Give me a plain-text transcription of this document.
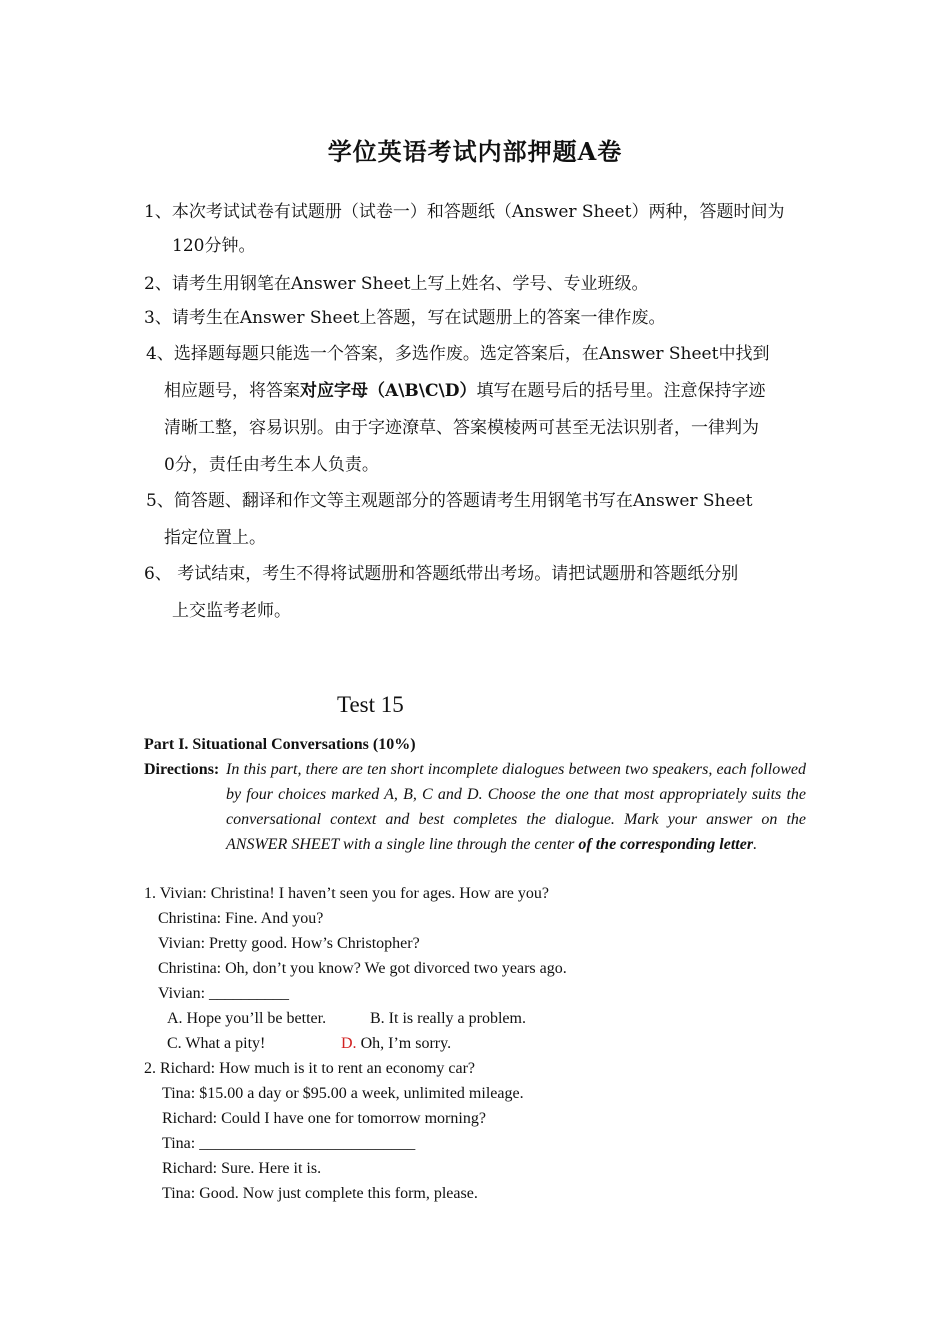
学位英语考试内部押题A卷
1、本次考试试卷有试题册（试卷一）和答题纸（Answer Sheet）两种，答题时间为
120分钟。
2、请考生用钢笔在Answer Sheet上写上姓名、学号、专业班级。
3、请考生在Answer Sheet上答题，写在试题册上的答案一律作废。
4、选择题每题只能选一个答案，多选作废。选定答案后，在Answer Sheet中找到
相应题号，将答案对应字母（A\B\C\D）填写在题号后的括号里。注意保持字迹
清晰工整，容易识别。由于字迹潦草、答案模棱两可甚至无法识别者，一律判为
0分，责任由考生本人负责。
5、简答题、翻译和作文等主观题部分的答题请考生用钢笔书写在Answer Sheet
指定位置上。
6、 考试结束，考生不得将试题册和答题纸带出考场。请把试题册和答题纸分别
上交监考老师。
Test 15
Part I. Situational Conversations (10%)
Directions: In this part, there are ten short incomplete dialogues between two speakers, each followed by four choices marked A, B, C and D. Choose the one that most appropriately suits the conversational context and best completes the dialogue. Mark your answer on the ANSWER SHEET with a single line through the center of the corresponding letter.
1. Vivian: Christina! I haven’t seen you for ages. How are you?
Christina: Fine. And you?
Vivian: Pretty good. How’s Christopher?
Christina: Oh, don’t you know? We got divorced two years ago.
Vivian: __________
A. Hope you’ll be better.	B. It is really a problem.
C. What a pity!	D. Oh, I’m sorry.
2. Richard: How much is it to rent an economy car?
Tina: $15.00 a day or $95.00 a week, unlimited mileage.
Richard: Could I have one for tomorrow morning?
Tina: ___________________________
Richard: Sure. Here it is.
Tina: Good. Now just complete this form, please.
